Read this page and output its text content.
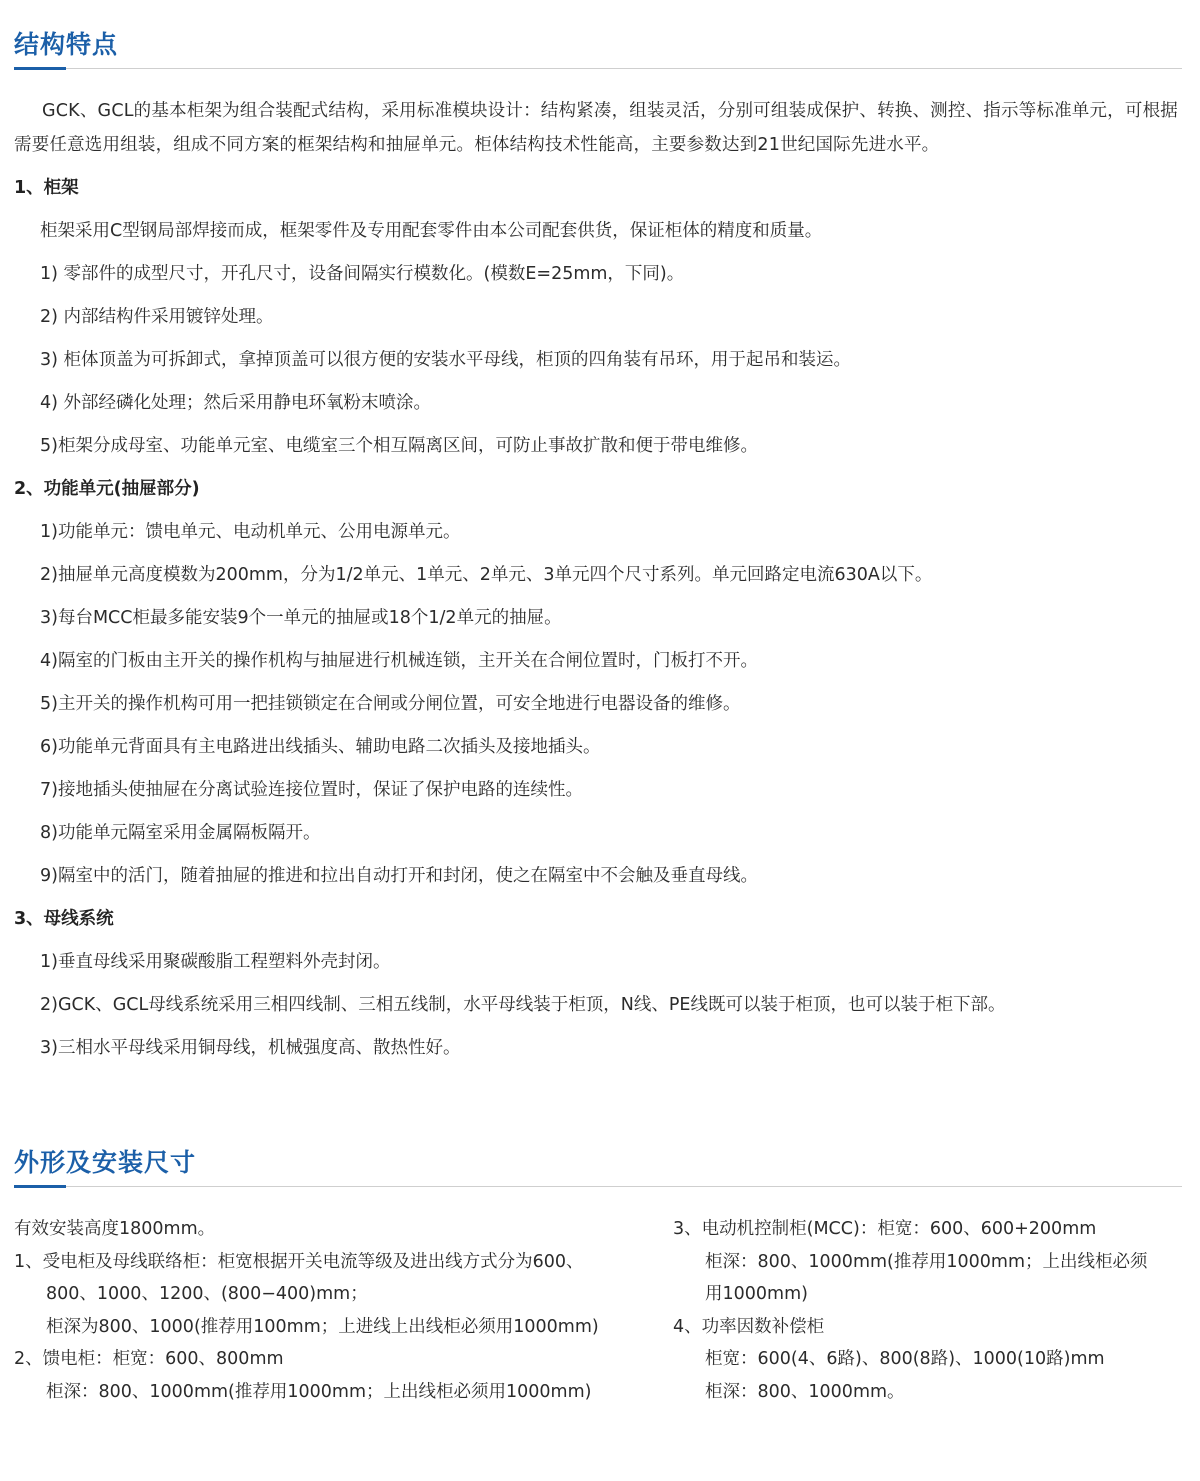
结构特点
GCK、GCL的基本柜架为组合装配式结构，采用标准模块设计：结构紧凑，组装灵活，分别可组装成保护、转换、测控、指示等标准单元，可根据需要任意选用组装，组成不同方案的框架结构和抽屉单元。柜体结构技术性能高，主要参数达到21世纪国际先进水平。
1、柜架
柜架采用C型钢局部焊接而成，框架零件及专用配套零件由本公司配套供货，保证柜体的精度和质量。
1) 零部件的成型尺寸，开孔尺寸，设备间隔实行模数化。(模数E=25mm，下同)。
2) 内部结构件采用镀锌处理。
3) 柜体顶盖为可拆卸式，拿掉顶盖可以很方便的安装水平母线，柜顶的四角装有吊环，用于起吊和装运。
4) 外部经磷化处理；然后采用静电环氧粉末喷涂。
5)柜架分成母室、功能单元室、电缆室三个相互隔离区间，可防止事故扩散和便于带电维修。
2、功能单元(抽屉部分)
1)功能单元：馈电单元、电动机单元、公用电源单元。
2)抽屉单元高度模数为200mm，分为1/2单元、1单元、2单元、3单元四个尺寸系列。单元回路定电流630A以下。
3)每台MCC柜最多能安装9个一单元的抽屉或18个1/2单元的抽屉。
4)隔室的门板由主开关的操作机构与抽屉进行机械连锁，主开关在合闸位置时，门板打不开。
5)主开关的操作机构可用一把挂锁锁定在合闸或分闸位置，可安全地进行电器设备的维修。
6)功能单元背面具有主电路进出线插头、辅助电路二次插头及接地插头。
7)接地插头使抽屉在分离试验连接位置时，保证了保护电路的连续性。
8)功能单元隔室采用金属隔板隔开。
9)隔室中的活门，随着抽屉的推进和拉出自动打开和封闭，使之在隔室中不会触及垂直母线。
3、母线系统
1)垂直母线采用聚碳酸脂工程塑料外壳封闭。
2)GCK、GCL母线系统采用三相四线制、三相五线制，水平母线装于柜顶，N线、PE线既可以装于柜顶，也可以装于柜下部。
3)三相水平母线采用铜母线，机械强度高、散热性好。
外形及安装尺寸
有效安装高度1800mm。
1、受电柜及母线联络柜：柜宽根据开关电流等级及进出线方式分为600、
800、1000、1200、(800−400)mm；
柜深为800、1000(推荐用100mm；上进线上出线柜必须用1000mm)
2、馈电柜：柜宽：600、800mm
柜深：800、1000mm(推荐用1000mm；上出线柜必须用1000mm)
3、电动机控制柜(MCC)：柜宽：600、600+200mm
柜深：800、1000mm(推荐用1000mm；上出线柜必须
用1000mm)
4、功率因数补偿柜
柜宽：600(4、6路)、800(8路)、1000(10路)mm
柜深：800、1000mm。
